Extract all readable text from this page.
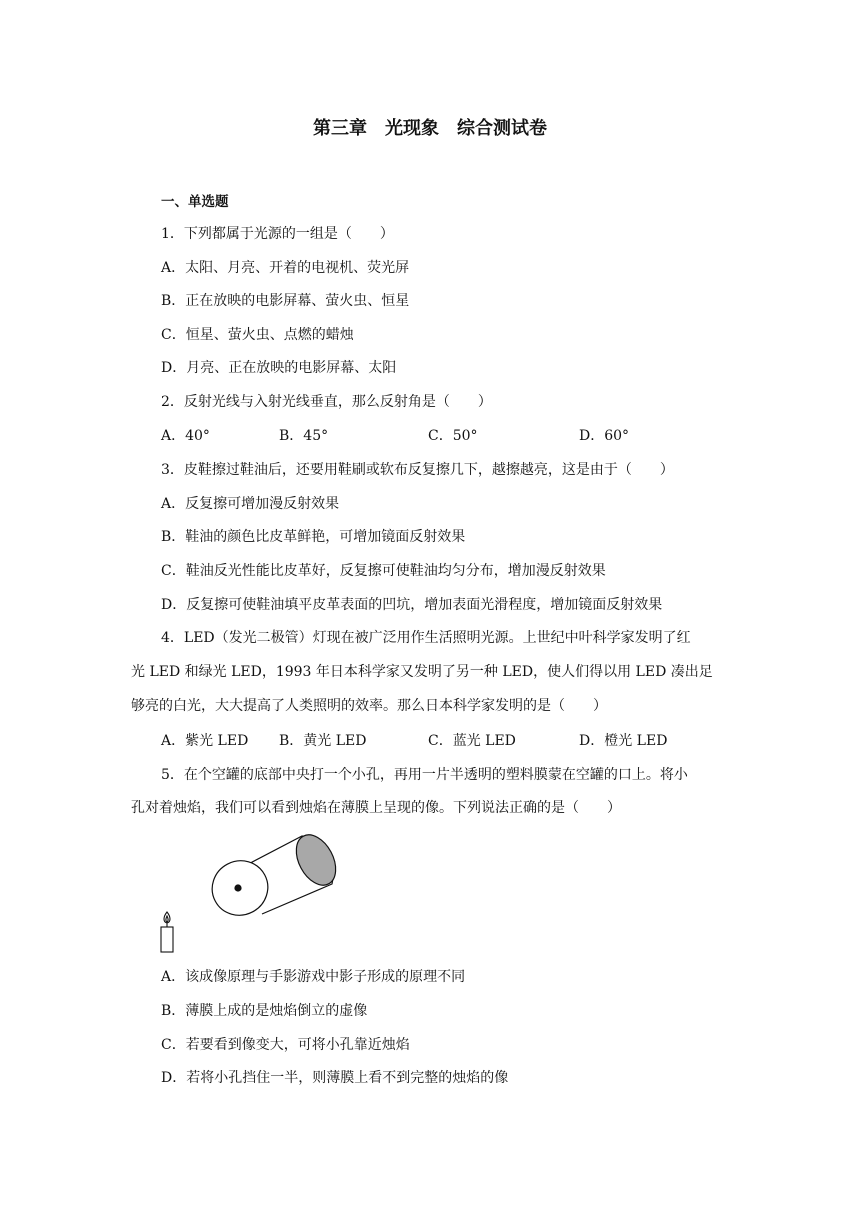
第三章　光现象　综合测试卷
一、单选题
1．下列都属于光源的一组是（　　）
A．太阳、月亮、开着的电视机、荧光屏
B．正在放映的电影屏幕、萤火虫、恒星
C．恒星、萤火虫、点燃的蜡烛
D．月亮、正在放映的电影屏幕、太阳
2．反射光线与入射光线垂直，那么反射角是（　　）
A．40°	B．45°	C．50°	D．60°
3．皮鞋擦过鞋油后，还要用鞋刷或软布反复擦几下，越擦越亮，这是由于（　　）
A．反复擦可增加漫反射效果
B．鞋油的颜色比皮革鲜艳，可增加镜面反射效果
C．鞋油反光性能比皮革好，反复擦可使鞋油均匀分布，增加漫反射效果
D．反复擦可使鞋油填平皮革表面的凹坑，增加表面光滑程度，增加镜面反射效果
4．LED（发光二极管）灯现在被广泛用作生活照明光源。上世纪中叶科学家发明了红
光 LED 和绿光 LED，1993 年日本科学家又发明了另一种 LED，使人们得以用 LED 凑出足
够亮的白光，大大提高了人类照明的效率。那么日本科学家发明的是（　　）
A．紫光 LED B．黄光 LED	C．蓝光 LED	D．橙光 LED
5．在个空罐的底部中央打一个小孔，再用一片半透明的塑料膜蒙在空罐的口上。将小
孔对着烛焰，我们可以看到烛焰在薄膜上呈现的像。下列说法正确的是（　　）
A．该成像原理与手影游戏中影子形成的原理不同
B．薄膜上成的是烛焰倒立的虚像
C．若要看到像变大，可将小孔靠近烛焰
D．若将小孔挡住一半，则薄膜上看不到完整的烛焰的像
